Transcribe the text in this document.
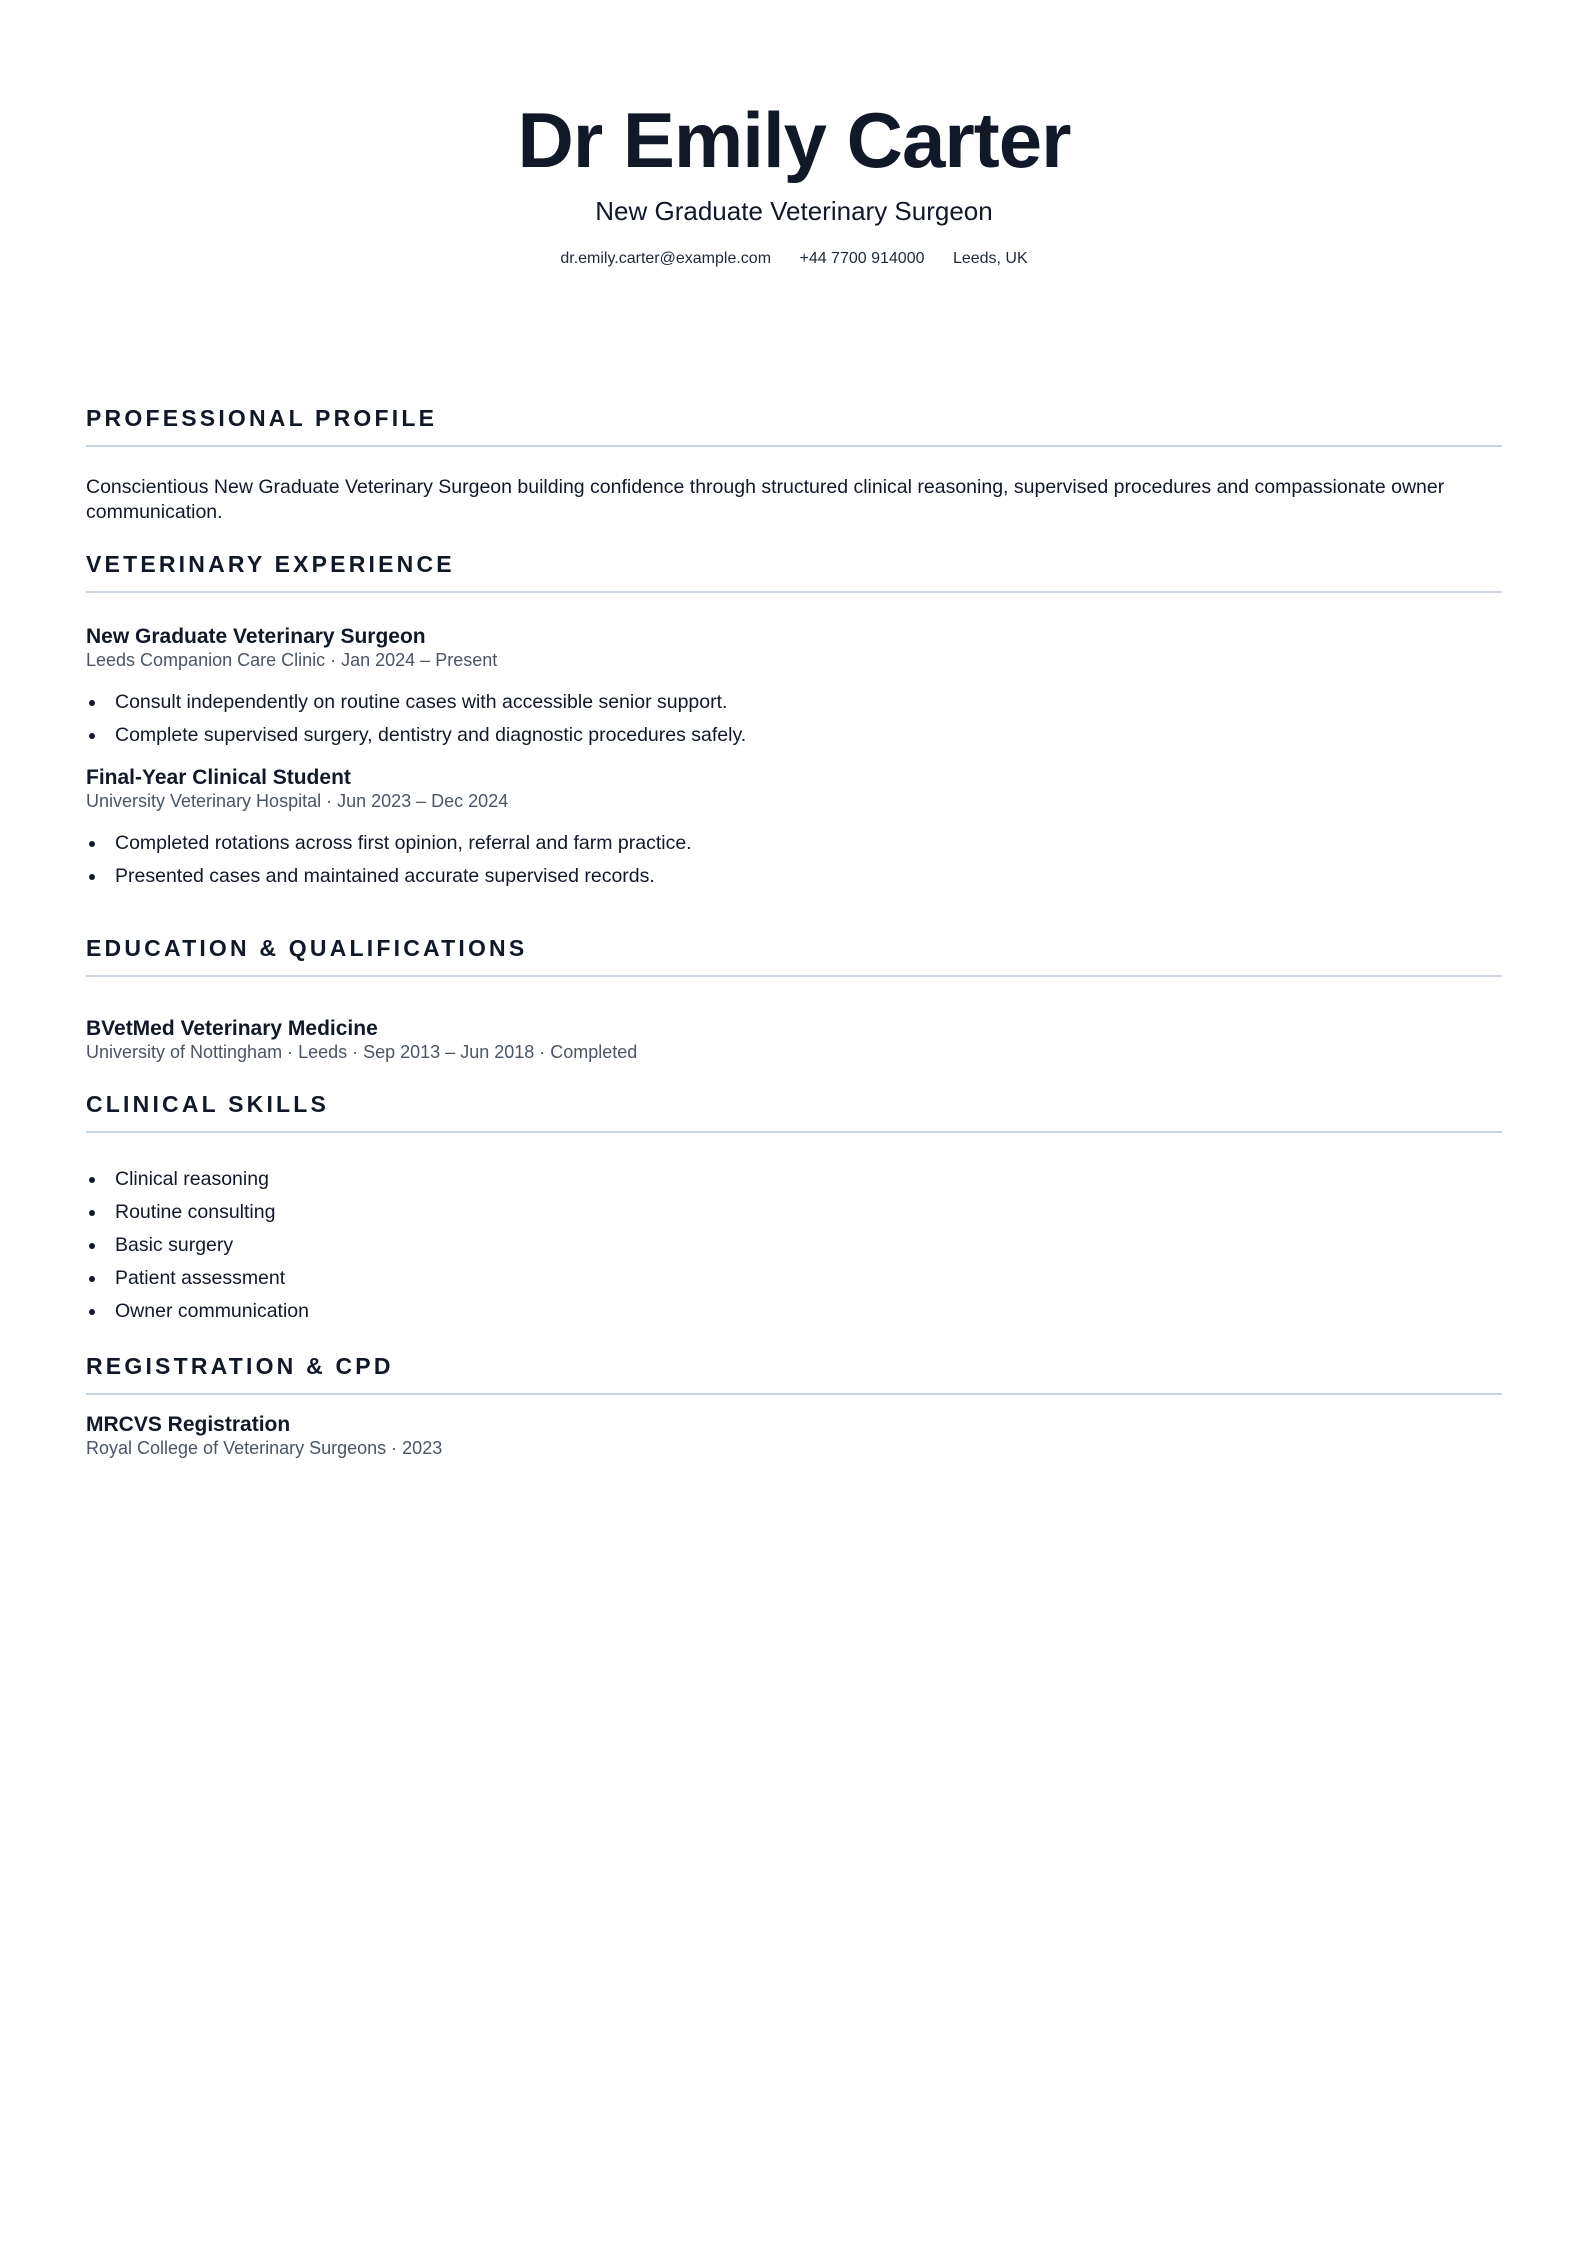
Dr Emily Carter
New Graduate Veterinary Surgeon
dr.emily.carter@example.com +44 7700 914000 Leeds, UK
PROFESSIONAL PROFILE
Conscientious New Graduate Veterinary Surgeon building confidence through structured clinical reasoning, supervised procedures and compassionate owner communication.
VETERINARY EXPERIENCE
New Graduate Veterinary Surgeon
Leeds Companion Care Clinic · Jan 2024 – Present
Consult independently on routine cases with accessible senior support.
Complete supervised surgery, dentistry and diagnostic procedures safely.
Final-Year Clinical Student
University Veterinary Hospital · Jun 2023 – Dec 2024
Completed rotations across first opinion, referral and farm practice.
Presented cases and maintained accurate supervised records.
EDUCATION & QUALIFICATIONS
BVetMed Veterinary Medicine
University of Nottingham · Leeds · Sep 2013 – Jun 2018 · Completed
CLINICAL SKILLS
Clinical reasoning
Routine consulting
Basic surgery
Patient assessment
Owner communication
REGISTRATION & CPD
MRCVS Registration
Royal College of Veterinary Surgeons · 2023
